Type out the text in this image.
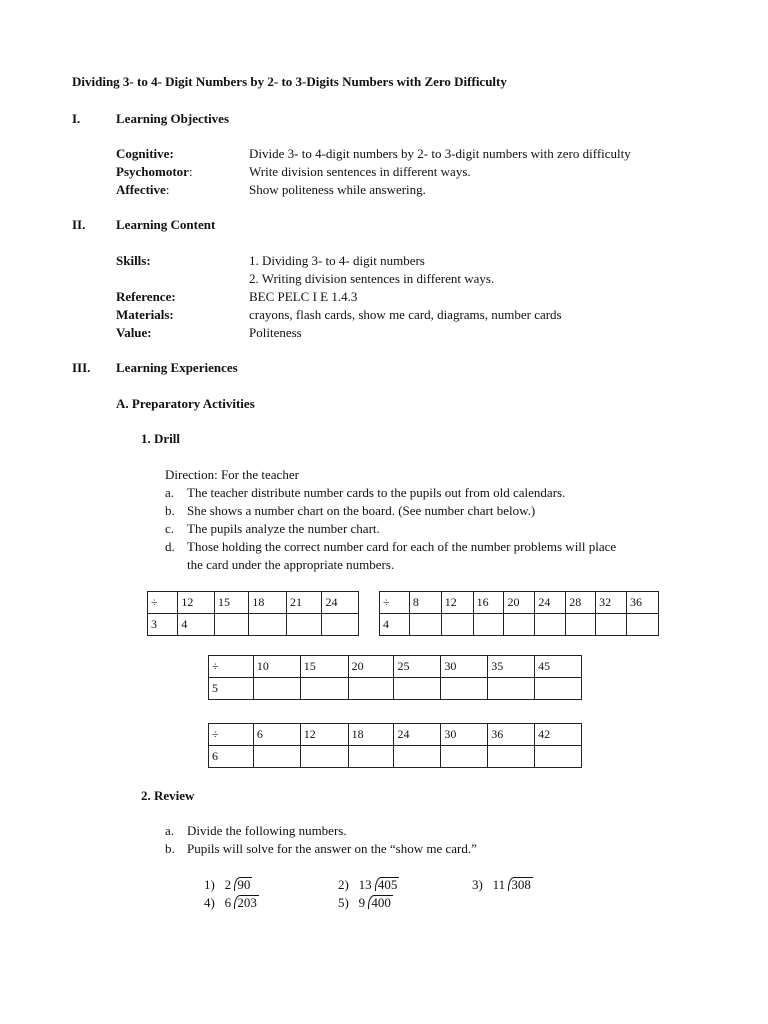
Dividing 3- to 4- Digit Numbers by 2- to 3-Digits Numbers with Zero Difficulty
I.	Learning Objectives
Cognitive:	Divide 3- to 4-digit numbers by 2- to 3-digit numbers with zero difficulty
Psychomotor:	Write division sentences in different ways.
Affective:	Show politeness while answering.
II. Learning Content
Skills:	1. Dividing 3- to 4- digit numbers
2. Writing division sentences in different ways.
Reference:	BEC PELC I E 1.4.3
Materials:	crayons, flash cards, show me card, diagrams, number cards
Value:	Politeness
III. Learning Experiences
A. Preparatory Activities
1. Drill
Direction: For the teacher
a. The teacher distribute number cards to the pupils out from old calendars.
b. She shows a number chart on the board. (See number chart below.)
c. The pupils analyze the number chart.
d. Those holding the correct number card for each of the number problems will place
the card under the appropriate numbers.
÷	12	15	18	21	24
3	4				
÷	8	12	16	20	24	28	32	36
4								
÷	10	15	20	25	30	35	45
5							
÷	6	12	18	24	30	36	42
6							
2. Review
a. Divide the following numbers.
b. Pupils will solve for the answer on the “show me card.”
1) 2 90	2) 13 405	3) 11 308
4) 6 203	5) 9 400
